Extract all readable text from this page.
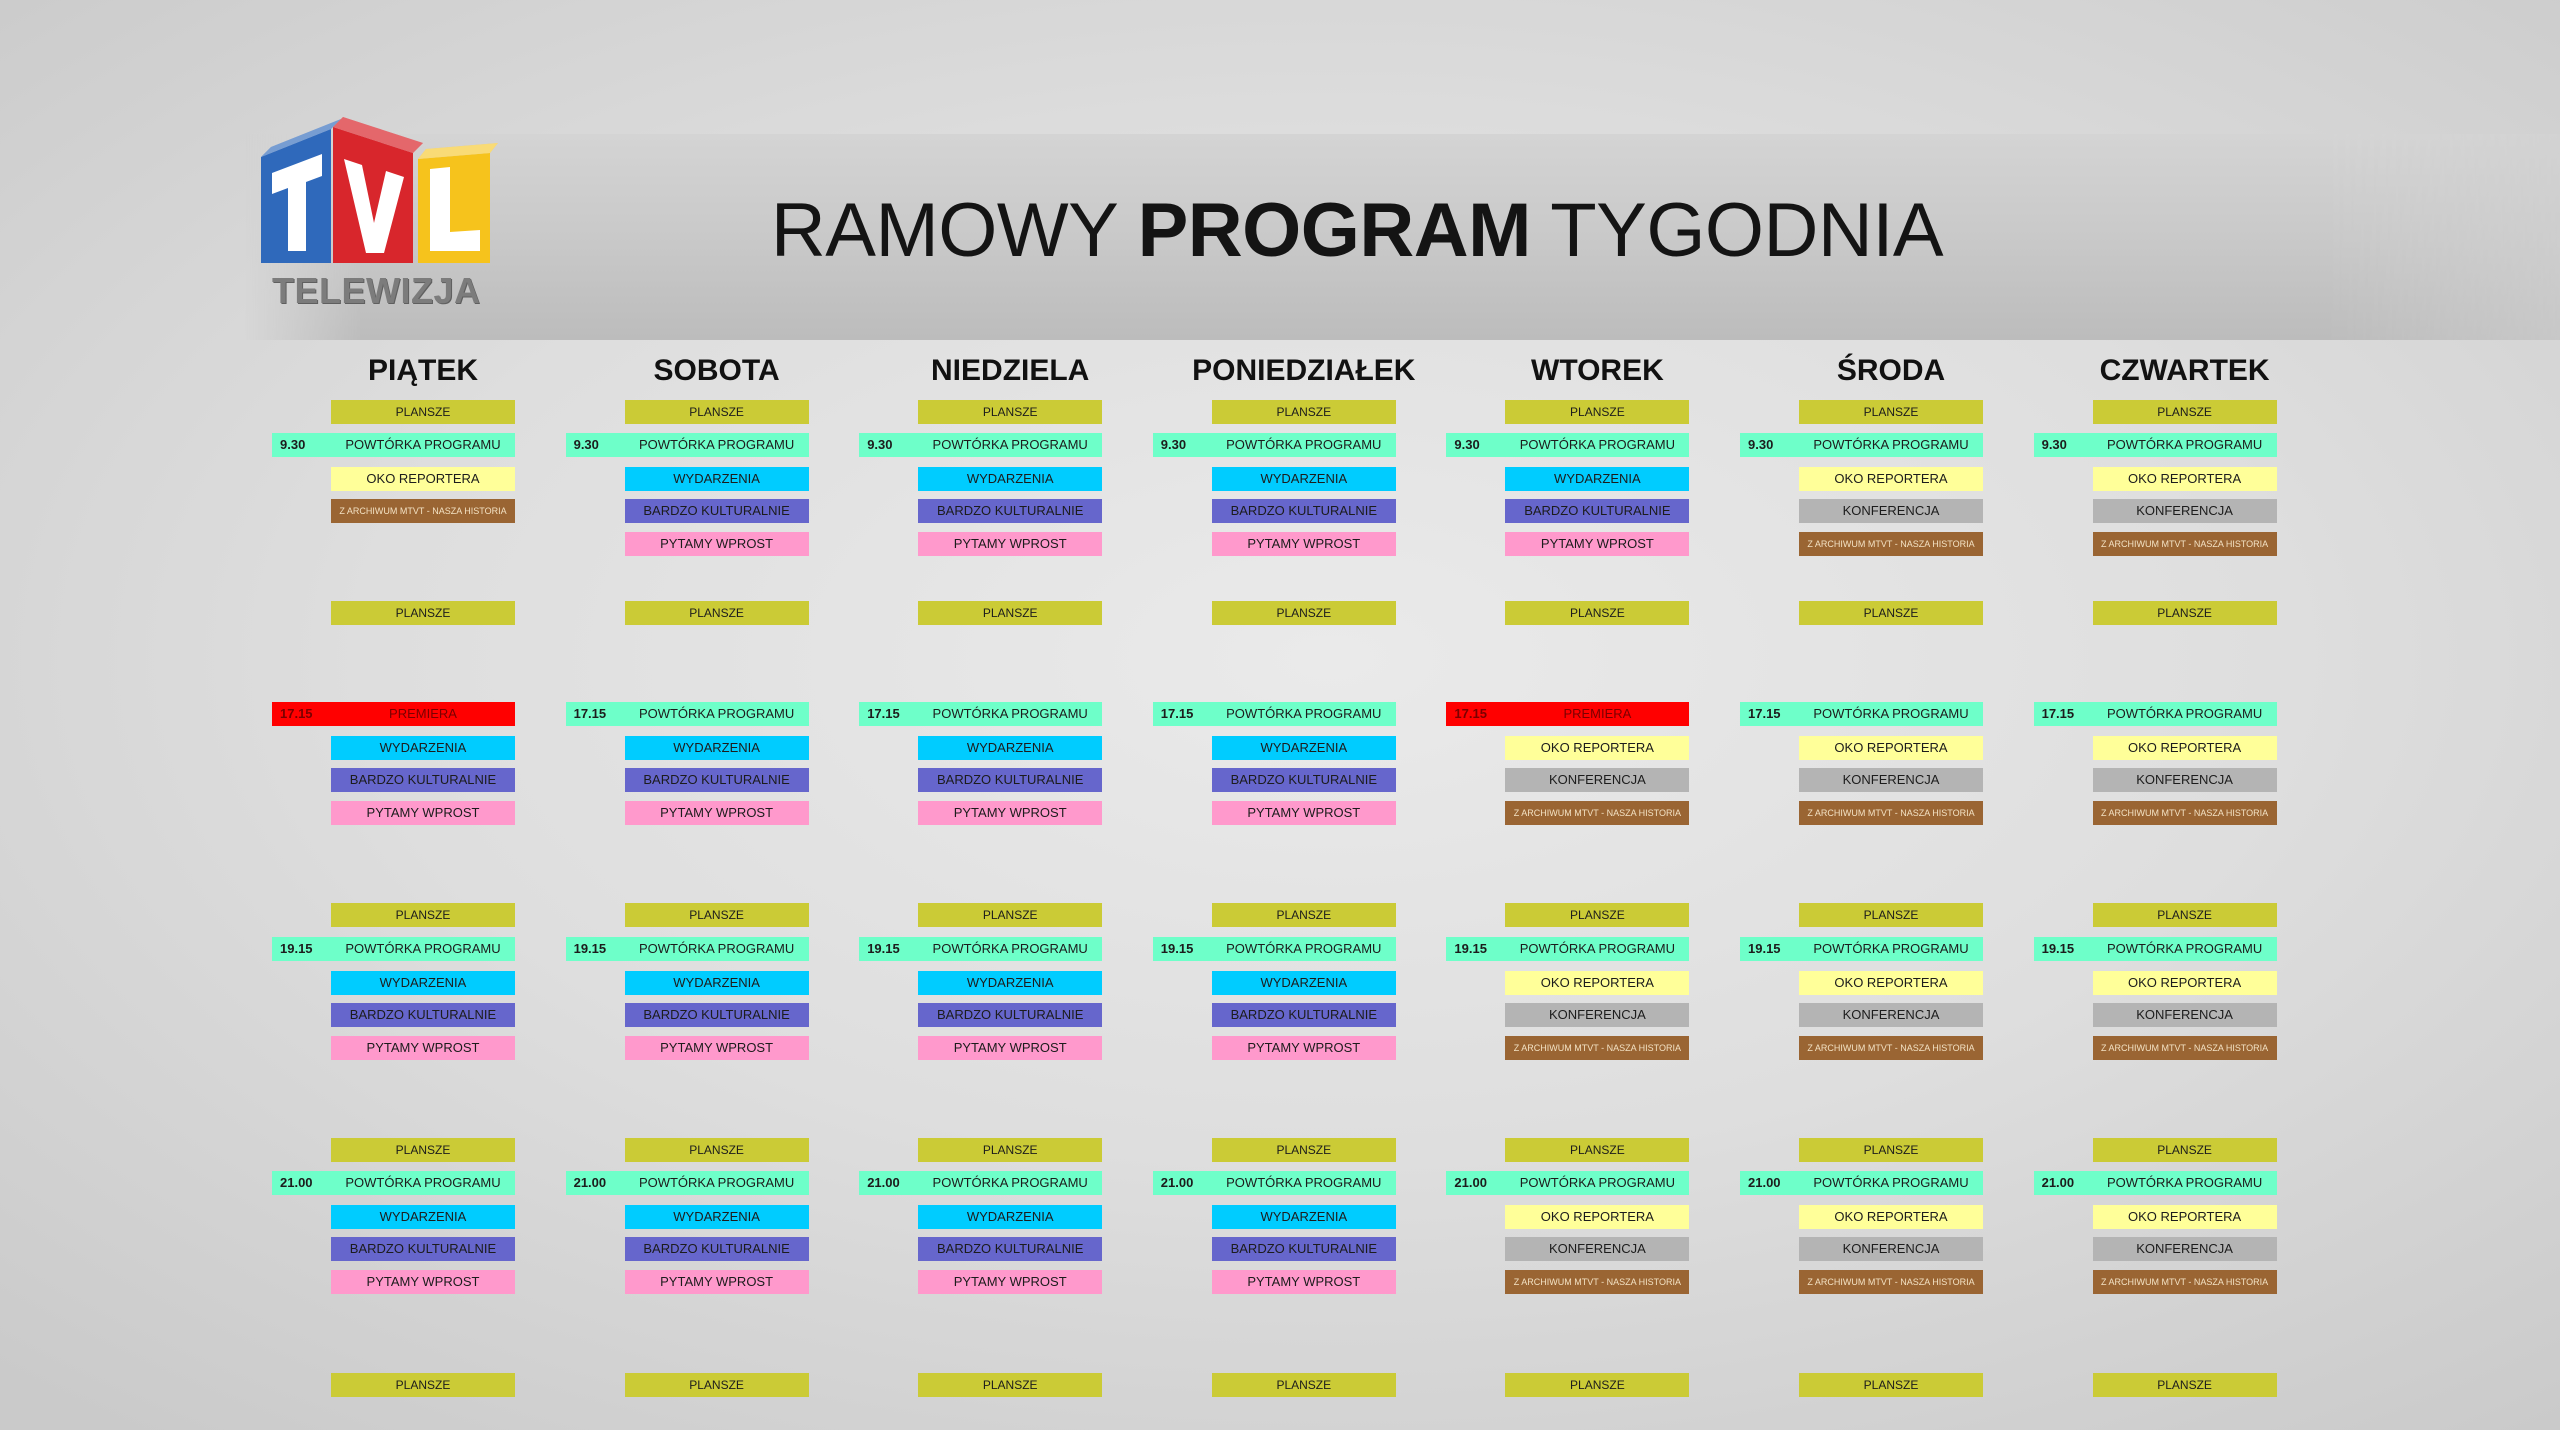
TELEWIZJA
RAMOWY PROGRAM TYGODNIA
PIĄTEK
PLANSZE
9.30	POWTÓRKA PROGRAMU
OKO REPORTERA
Z ARCHIWUM MTVT - NASZA HISTORIA
PLANSZE
17.15	PREMIERA
WYDARZENIA
BARDZO KULTURALNIE
PYTAMY WPROST
PLANSZE
19.15	POWTÓRKA PROGRAMU
WYDARZENIA
BARDZO KULTURALNIE
PYTAMY WPROST
PLANSZE
21.00	POWTÓRKA PROGRAMU
WYDARZENIA
BARDZO KULTURALNIE
PYTAMY WPROST
PLANSZE
SOBOTA
PLANSZE
9.30	POWTÓRKA PROGRAMU
WYDARZENIA
BARDZO KULTURALNIE
PYTAMY WPROST
PLANSZE
17.15	POWTÓRKA PROGRAMU
WYDARZENIA
BARDZO KULTURALNIE
PYTAMY WPROST
PLANSZE
19.15	POWTÓRKA PROGRAMU
WYDARZENIA
BARDZO KULTURALNIE
PYTAMY WPROST
PLANSZE
21.00	POWTÓRKA PROGRAMU
WYDARZENIA
BARDZO KULTURALNIE
PYTAMY WPROST
PLANSZE
NIEDZIELA
PLANSZE
9.30	POWTÓRKA PROGRAMU
WYDARZENIA
BARDZO KULTURALNIE
PYTAMY WPROST
PLANSZE
17.15	POWTÓRKA PROGRAMU
WYDARZENIA
BARDZO KULTURALNIE
PYTAMY WPROST
PLANSZE
19.15	POWTÓRKA PROGRAMU
WYDARZENIA
BARDZO KULTURALNIE
PYTAMY WPROST
PLANSZE
21.00	POWTÓRKA PROGRAMU
WYDARZENIA
BARDZO KULTURALNIE
PYTAMY WPROST
PLANSZE
PONIEDZIAŁEK
PLANSZE
9.30	POWTÓRKA PROGRAMU
WYDARZENIA
BARDZO KULTURALNIE
PYTAMY WPROST
PLANSZE
17.15	POWTÓRKA PROGRAMU
WYDARZENIA
BARDZO KULTURALNIE
PYTAMY WPROST
PLANSZE
19.15	POWTÓRKA PROGRAMU
WYDARZENIA
BARDZO KULTURALNIE
PYTAMY WPROST
PLANSZE
21.00	POWTÓRKA PROGRAMU
WYDARZENIA
BARDZO KULTURALNIE
PYTAMY WPROST
PLANSZE
WTOREK
PLANSZE
9.30	POWTÓRKA PROGRAMU
WYDARZENIA
BARDZO KULTURALNIE
PYTAMY WPROST
PLANSZE
17.15	PREMIERA
OKO REPORTERA
KONFERENCJA
Z ARCHIWUM MTVT - NASZA HISTORIA
PLANSZE
19.15	POWTÓRKA PROGRAMU
OKO REPORTERA
KONFERENCJA
Z ARCHIWUM MTVT - NASZA HISTORIA
PLANSZE
21.00	POWTÓRKA PROGRAMU
OKO REPORTERA
KONFERENCJA
Z ARCHIWUM MTVT - NASZA HISTORIA
PLANSZE
ŚRODA
PLANSZE
9.30	POWTÓRKA PROGRAMU
OKO REPORTERA
KONFERENCJA
Z ARCHIWUM MTVT - NASZA HISTORIA
PLANSZE
17.15	POWTÓRKA PROGRAMU
OKO REPORTERA
KONFERENCJA
Z ARCHIWUM MTVT - NASZA HISTORIA
PLANSZE
19.15	POWTÓRKA PROGRAMU
OKO REPORTERA
KONFERENCJA
Z ARCHIWUM MTVT - NASZA HISTORIA
PLANSZE
21.00	POWTÓRKA PROGRAMU
OKO REPORTERA
KONFERENCJA
Z ARCHIWUM MTVT - NASZA HISTORIA
PLANSZE
CZWARTEK
PLANSZE
9.30	POWTÓRKA PROGRAMU
OKO REPORTERA
KONFERENCJA
Z ARCHIWUM MTVT - NASZA HISTORIA
PLANSZE
17.15	POWTÓRKA PROGRAMU
OKO REPORTERA
KONFERENCJA
Z ARCHIWUM MTVT - NASZA HISTORIA
PLANSZE
19.15	POWTÓRKA PROGRAMU
OKO REPORTERA
KONFERENCJA
Z ARCHIWUM MTVT - NASZA HISTORIA
PLANSZE
21.00	POWTÓRKA PROGRAMU
OKO REPORTERA
KONFERENCJA
Z ARCHIWUM MTVT - NASZA HISTORIA
PLANSZE
